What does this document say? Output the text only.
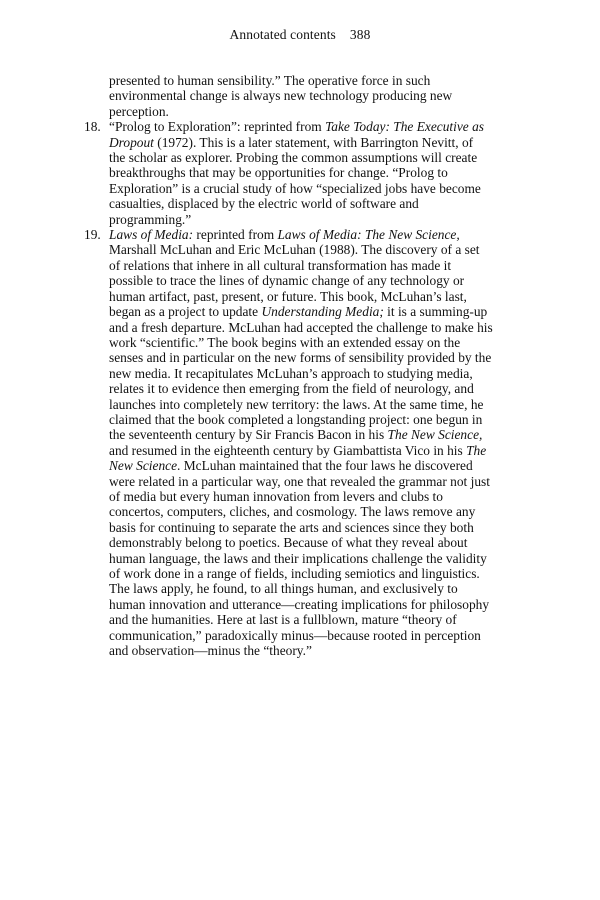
Annotated contents 388
presented to human sensibility.” The operative force in such
environmental change is always new technology producing new
perception.
18. “Prolog to Exploration”: reprinted from Take Today: The Executive as
Dropout (1972). This is a later statement, with Barrington Nevitt, of
the scholar as explorer. Probing the common assumptions will create
breakthroughs that may be opportunities for change. “Prolog to
Exploration” is a crucial study of how “specialized jobs have become
casualties, displaced by the electric world of software and
programming.”
19. Laws of Media: reprinted from Laws of Media: The New Science,
Marshall McLuhan and Eric McLuhan (1988). The discovery of a set
of relations that inhere in all cultural transformation has made it
possible to trace the lines of dynamic change of any technology or
human artifact, past, present, or future. This book, McLuhan’s last,
began as a project to update Understanding Media; it is a summing-up
and a fresh departure. McLuhan had accepted the challenge to make his
work “scientific.” The book begins with an extended essay on the
senses and in particular on the new forms of sensibility provided by the
new media. It recapitulates McLuhan’s approach to studying media,
relates it to evidence then emerging from the field of neurology, and
launches into completely new territory: the laws. At the same time, he
claimed that the book completed a longstanding project: one begun in
the seventeenth century by Sir Francis Bacon in his The New Science,
and resumed in the eighteenth century by Giambattista Vico in his The
New Science. McLuhan maintained that the four laws he discovered
were related in a particular way, one that revealed the grammar not just
of media but every human innovation from levers and clubs to
concertos, computers, cliches, and cosmology. The laws remove any
basis for continuing to separate the arts and sciences since they both
demonstrably belong to poetics. Because of what they reveal about
human language, the laws and their implications challenge the validity
of work done in a range of fields, including semiotics and linguistics.
The laws apply, he found, to all things human, and exclusively to
human innovation and utterance—creating implications for philosophy
and the humanities. Here at last is a fullblown, mature “theory of
communication,” paradoxically minus—because rooted in perception
and observation—minus the “theory.”
